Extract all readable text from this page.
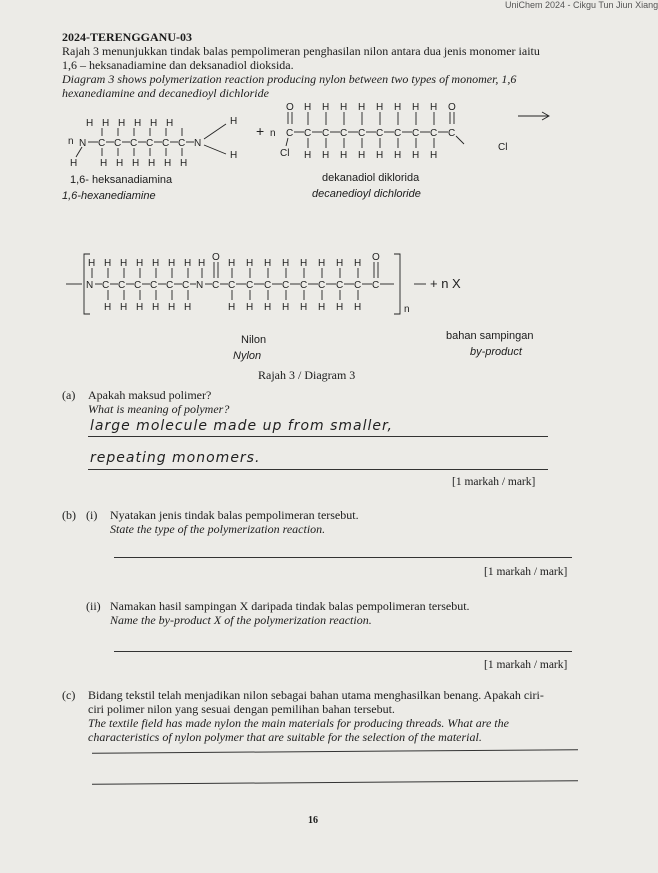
UniChem 2024 - Cikgu Tun Jiun Xiang
2024-TERENGGANU-03
Rajah 3 menunjukkan tindak balas pempolimeran penghasilan nilon antara dua jenis monomer iaitu
1,6 – heksanadiamine dan deksanadiol dioksida.
Diagram 3 shows polymerization reaction producing nylon between two types of monomer, 1,6
hexanediamine and decanedioyl dichloride
n N
H
C C C C C C
H H H H H H
H H H H H H
N
H
H
+ n
O
C
Cl
C C C C C C C C C
H H H H H H H H
H H H H H H H H
O
Cl
1,6- heksanadiamina
1,6-hexanediamine
dekanadiol diklorida
decanedioyl dichloride
N C C C C C C N C
H H H H H H H H
O
H H H H H H
C C C C C C C C C
H H H H H H H H
O
H H H H H H H H	n
+ n X
Nilon
Nylon
bahan sampingan
by-product
Rajah 3 / Diagram 3
(a) Apakah maksud polimer?
What is meaning of polymer?
large molecule made up from smaller,
repeating monomers.
[1 markah / mark]
(b) (i) Nyatakan jenis tindak balas pempolimeran tersebut.
State the type of the polymerization reaction.
[1 markah / mark]
(ii) Namakan hasil sampingan X daripada tindak balas pempolimeran tersebut.
Name the by-product X of the polymerization reaction.
[1 markah / mark]
(c) Bidang tekstil telah menjadikan nilon sebagai bahan utama menghasilkan benang. Apakah ciri-
ciri polimer nilon yang sesuai dengan pemilihan bahan tersebut.
The textile field has made nylon the main materials for producing threads. What are the
characteristics of nylon polymer that are suitable for the selection of the material.
16
